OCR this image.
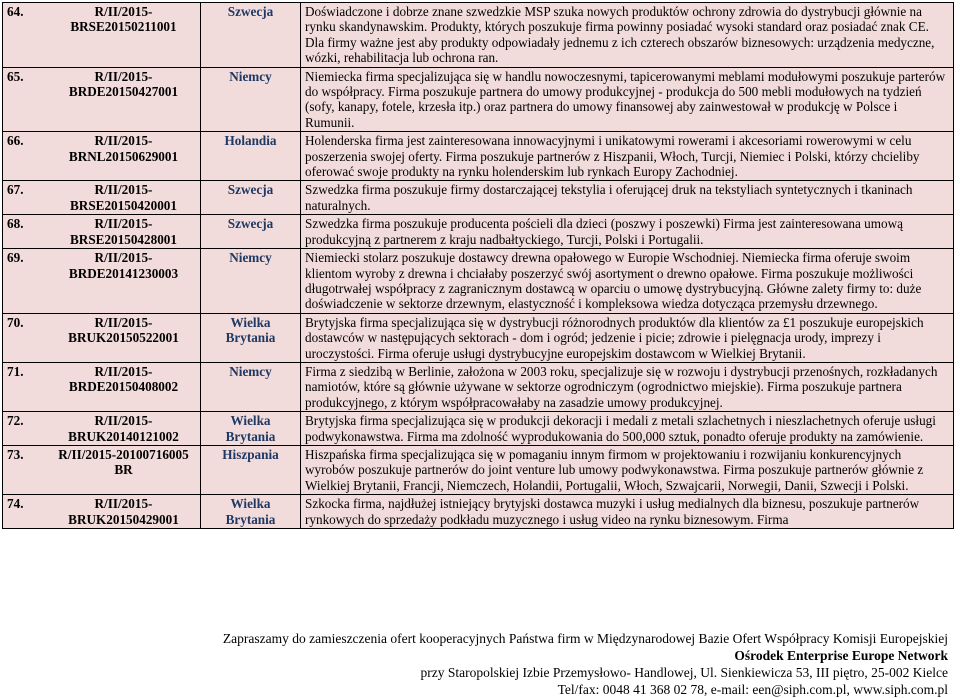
64. R/II/2015-BRSE20150211001	Szwecja	Doświadczone i dobrze znane szwedzkie MSP szuka nowych produktów ochrony zdrowia do dystrybucji głównie na rynku skandynawskim. Produkty, których poszukuje firma powinny posiadać wysoki standard oraz posiadać znak CE. Dla firmy ważne jest aby produkty odpowiadały jednemu z ich czterech obszarów biznesowych: urządzenia medyczne, wózki, rehabilitacja lub ochrona ran.

65. R/II/2015-BRDE20150427001	Niemcy	Niemiecka firma specjalizująca się w handlu nowoczesnymi, tapicerowanymi meblami modułowymi poszukuje parterów do współpracy. Firma poszukuje partnera do umowy produkcyjnej - produkcja do 500 mebli modułowych na tydzień (sofy, kanapy, fotele, krzesła itp.) oraz partnera do umowy finansowej aby zainwestował w produkcję w Polsce i Rumunii.

66. R/II/2015-BRNL20150629001	Holandia	Holenderska firma jest zainteresowana innowacyjnymi i unikatowymi rowerami i akcesoriami rowerowymi w celu poszerzenia swojej oferty. Firma poszukuje partnerów z Hiszpanii, Włoch, Turcji, Niemiec i Polski, którzy chcieliby oferować swoje produkty na rynku holenderskim lub rynkach Europy Zachodniej.

67. R/II/2015-BRSE20150420001	Szwecja	Szwedzka firma poszukuje firmy dostarczającej tekstylia i oferującej druk na tekstyliach syntetycznych i tkaninach naturalnych.

68. R/II/2015-BRSE20150428001	Szwecja	Szwedzka firma poszukuje producenta pościeli dla dzieci (poszwy i poszewki) Firma jest zainteresowana umową produkcyjną z partnerem z kraju nadbałtyckiego, Turcji, Polski i Portugalii.

69. R/II/2015-BRDE20141230003	Niemcy	Niemiecki stolarz poszukuje dostawcy drewna opałowego w Europie Wschodniej. Niemiecka firma oferuje swoim klientom wyroby z drewna i chciałaby poszerzyć swój asortyment o drewno opałowe. Firma poszukuje możliwości długotrwałej współpracy z zagranicznym dostawcą w oparciu o umowę dystrybucyjną. Główne zalety firmy to: duże doświadczenie w sektorze drzewnym, elastyczność i kompleksowa wiedza dotycząca przemysłu drzewnego.

70. R/II/2015-BRUK20150522001	Wielka Brytania	Brytyjska firma specjalizująca się w dystrybucji różnorodnych produktów dla klientów za £1 poszukuje europejskich dostawców w następujących sektorach - dom i ogród; jedzenie i picie; zdrowie i pielęgnacja urody, imprezy i uroczystości. Firma oferuje usługi dystrybucyjne europejskim dostawcom w Wielkiej Brytanii.

71. R/II/2015-BRDE20150408002	Niemcy	Firma z siedzibą w Berlinie, założona w 2003 roku, specjalizuje się w rozwoju i dystrybucji przenośnych, rozkładanych namiotów, które są głównie używane w sektorze ogrodniczym (ogrodnictwo miejskie). Firma poszukuje partnera produkcyjnego, z którym współpracowałaby na zasadzie umowy produkcyjnej.

72. R/II/2015-BRUK20140121002	Wielka Brytania	Brytyjska firma specjalizująca się w produkcji dekoracji i medali z metali szlachetnych i nieszlachetnych oferuje usługi podwykonawstwa. Firma ma zdolność wyprodukowania do 500,000 sztuk, ponadto oferuje produkty na zamówienie.

73. R/II/2015-20100716005 BR	Hiszpania	Hiszpańska firma specjalizująca się w pomaganiu innym firmom w projektowaniu i rozwijaniu konkurencyjnych wyrobów poszukuje partnerów do joint venture lub umowy podwykonawstwa. Firma poszukuje partnerów głównie z Wielkiej Brytanii, Francji, Niemczech, Holandii, Portugalii, Włoch, Szwajcarii, Norwegii, Danii, Szwecji i Polski.

74. R/II/2015-BRUK20150429001	Wielka Brytania	Szkocka firma, najdłużej istniejący brytyjski dostawca muzyki i usług medialnych dla biznesu, poszukuje partnerów rynkowych do sprzedaży podkładu muzycznego i usług video na rynku biznesowym. Firma
Zapraszamy do zamieszczenia ofert kooperacyjnych Państwa firm w Międzynarodowej Bazie Ofert Współpracy Komisji Europejskiej
Ośrodek Enterprise Europe Network
przy Staropolskiej Izbie Przemysłowo- Handlowej, Ul. Sienkiewicza 53, III piętro, 25-002 Kielce
Tel/fax: 0048 41 368 02 78, e-mail: een@siph.com.pl, www.siph.com.pl
